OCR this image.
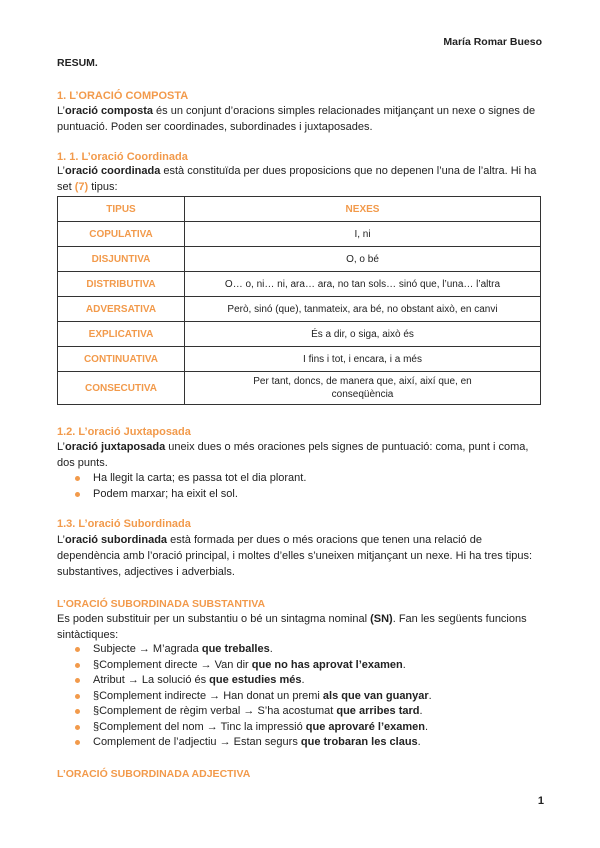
María Romar Bueso
RESUM.
1. L’ORACIÓ COMPOSTA
L’oració composta és un conjunt d’oracions simples relacionades mitjançant un nexe o signes de puntuació. Poden ser coordinades, subordinades i juxtaposades.
1. 1. L’oració Coordinada
L’oració coordinada està constituïda per dues proposicions que no depenen l’una de l’altra. Hi ha set (7) tipus:
TIPUS	NEXES
COPULATIVA	I, ni
DISJUNTIVA	O, o bé
DISTRIBUTIVA	O… o, ni… ni, ara… ara, no tan sols… sinó que, l’una… l’altra
ADVERSATIVA	Però, sinó (que), tanmateix, ara bé, no obstant això, en canvi
EXPLICATIVA	És a dir, o siga, això és
CONTINUATIVA	I fins i tot, i encara, i a més
CONSECUTIVA	Per tant, doncs, de manera que, així, així que, en conseqüència
1.2. L’oració Juxtaposada
L’oració juxtaposada uneix dues o més oraciones pels signes de puntuació: coma, punt i coma, dos punts.
Ha llegit la carta; es passa tot el dia plorant.
Podem marxar; ha eixit el sol.
1.3. L’oració Subordinada
L’oració subordinada està formada per dues o més oracions que tenen una relació de dependència amb l’oració principal, i moltes d’elles s’uneixen mitjançant un nexe. Hi ha tres tipus: substantives, adjectives i adverbials.
L’ORACIÓ SUBORDINADA SUBSTANTIVA
Es poden substituir per un substantiu o bé un sintagma nominal (SN). Fan les següents funcions sintàctiques:
Subjecte → M’agrada que treballes.
§Complement directe → Van dir que no has aprovat l’examen.
Atribut → La solució és que estudies més.
§Complement indirecte → Han donat un premi als que van guanyar.
§Complement de règim verbal → S’ha acostumat que arribes tard.
§Complement del nom → Tinc la impressió que aprovaré l’examen.
Complement de l’adjectiu → Estan segurs que trobaran les claus.
L’ORACIÓ SUBORDINADA ADJECTIVA
1
